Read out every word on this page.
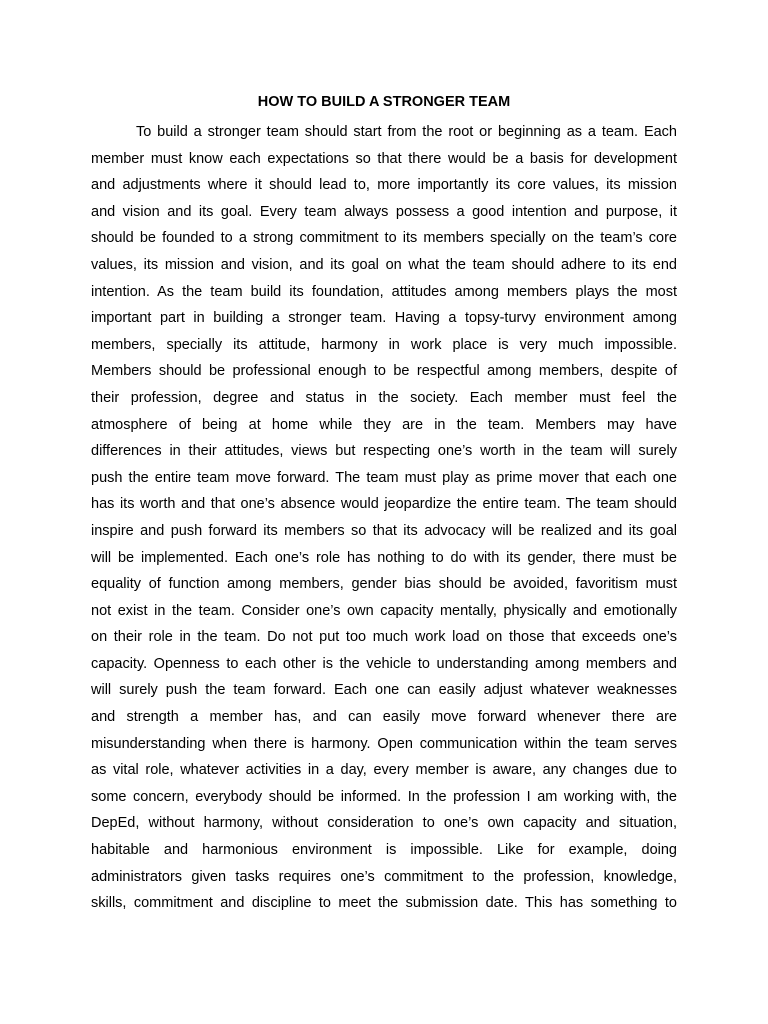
HOW TO BUILD A STRONGER TEAM
To build a stronger team should start from the root or beginning as a team. Each
member must know each expectations so that there would be a basis for development
and adjustments where it should lead to, more importantly its core values, its mission
and vision and its goal. Every team always possess a good intention and purpose, it
should be founded to a strong commitment to its members specially on the team’s core
values, its mission and vision, and its goal on what the team should adhere to its end
intention. As the team build its foundation, attitudes among members plays the most
important part in building a stronger team. Having a topsy-turvy environment among
members, specially its attitude, harmony in work place is very much impossible.
Members should be professional enough to be respectful among members, despite of
their profession, degree and status in the society. Each member must feel the
atmosphere of being at home while they are in the team. Members may have
differences in their attitudes, views but respecting one’s worth in the team will surely
push the entire team move forward. The team must play as prime mover that each one
has its worth and that one’s absence would jeopardize the entire team. The team should
inspire and push forward its members so that its advocacy will be realized and its goal
will be implemented. Each one’s role has nothing to do with its gender, there must be
equality of function among members, gender bias should be avoided, favoritism must
not exist in the team. Consider one’s own capacity mentally, physically and emotionally
on their role in the team. Do not put too much work load on those that exceeds one’s
capacity. Openness to each other is the vehicle to understanding among members and
will surely push the team forward. Each one can easily adjust whatever weaknesses
and strength a member has, and can easily move forward whenever there are
misunderstanding when there is harmony. Open communication within the team serves
as vital role, whatever activities in a day, every member is aware, any changes due to
some concern, everybody should be informed. In the profession I am working with, the
DepEd, without harmony, without consideration to one’s own capacity and situation,
habitable and harmonious environment is impossible. Like for example, doing
administrators given tasks requires one’s commitment to the profession, knowledge,
skills, commitment and discipline to meet the submission date. This has something to
